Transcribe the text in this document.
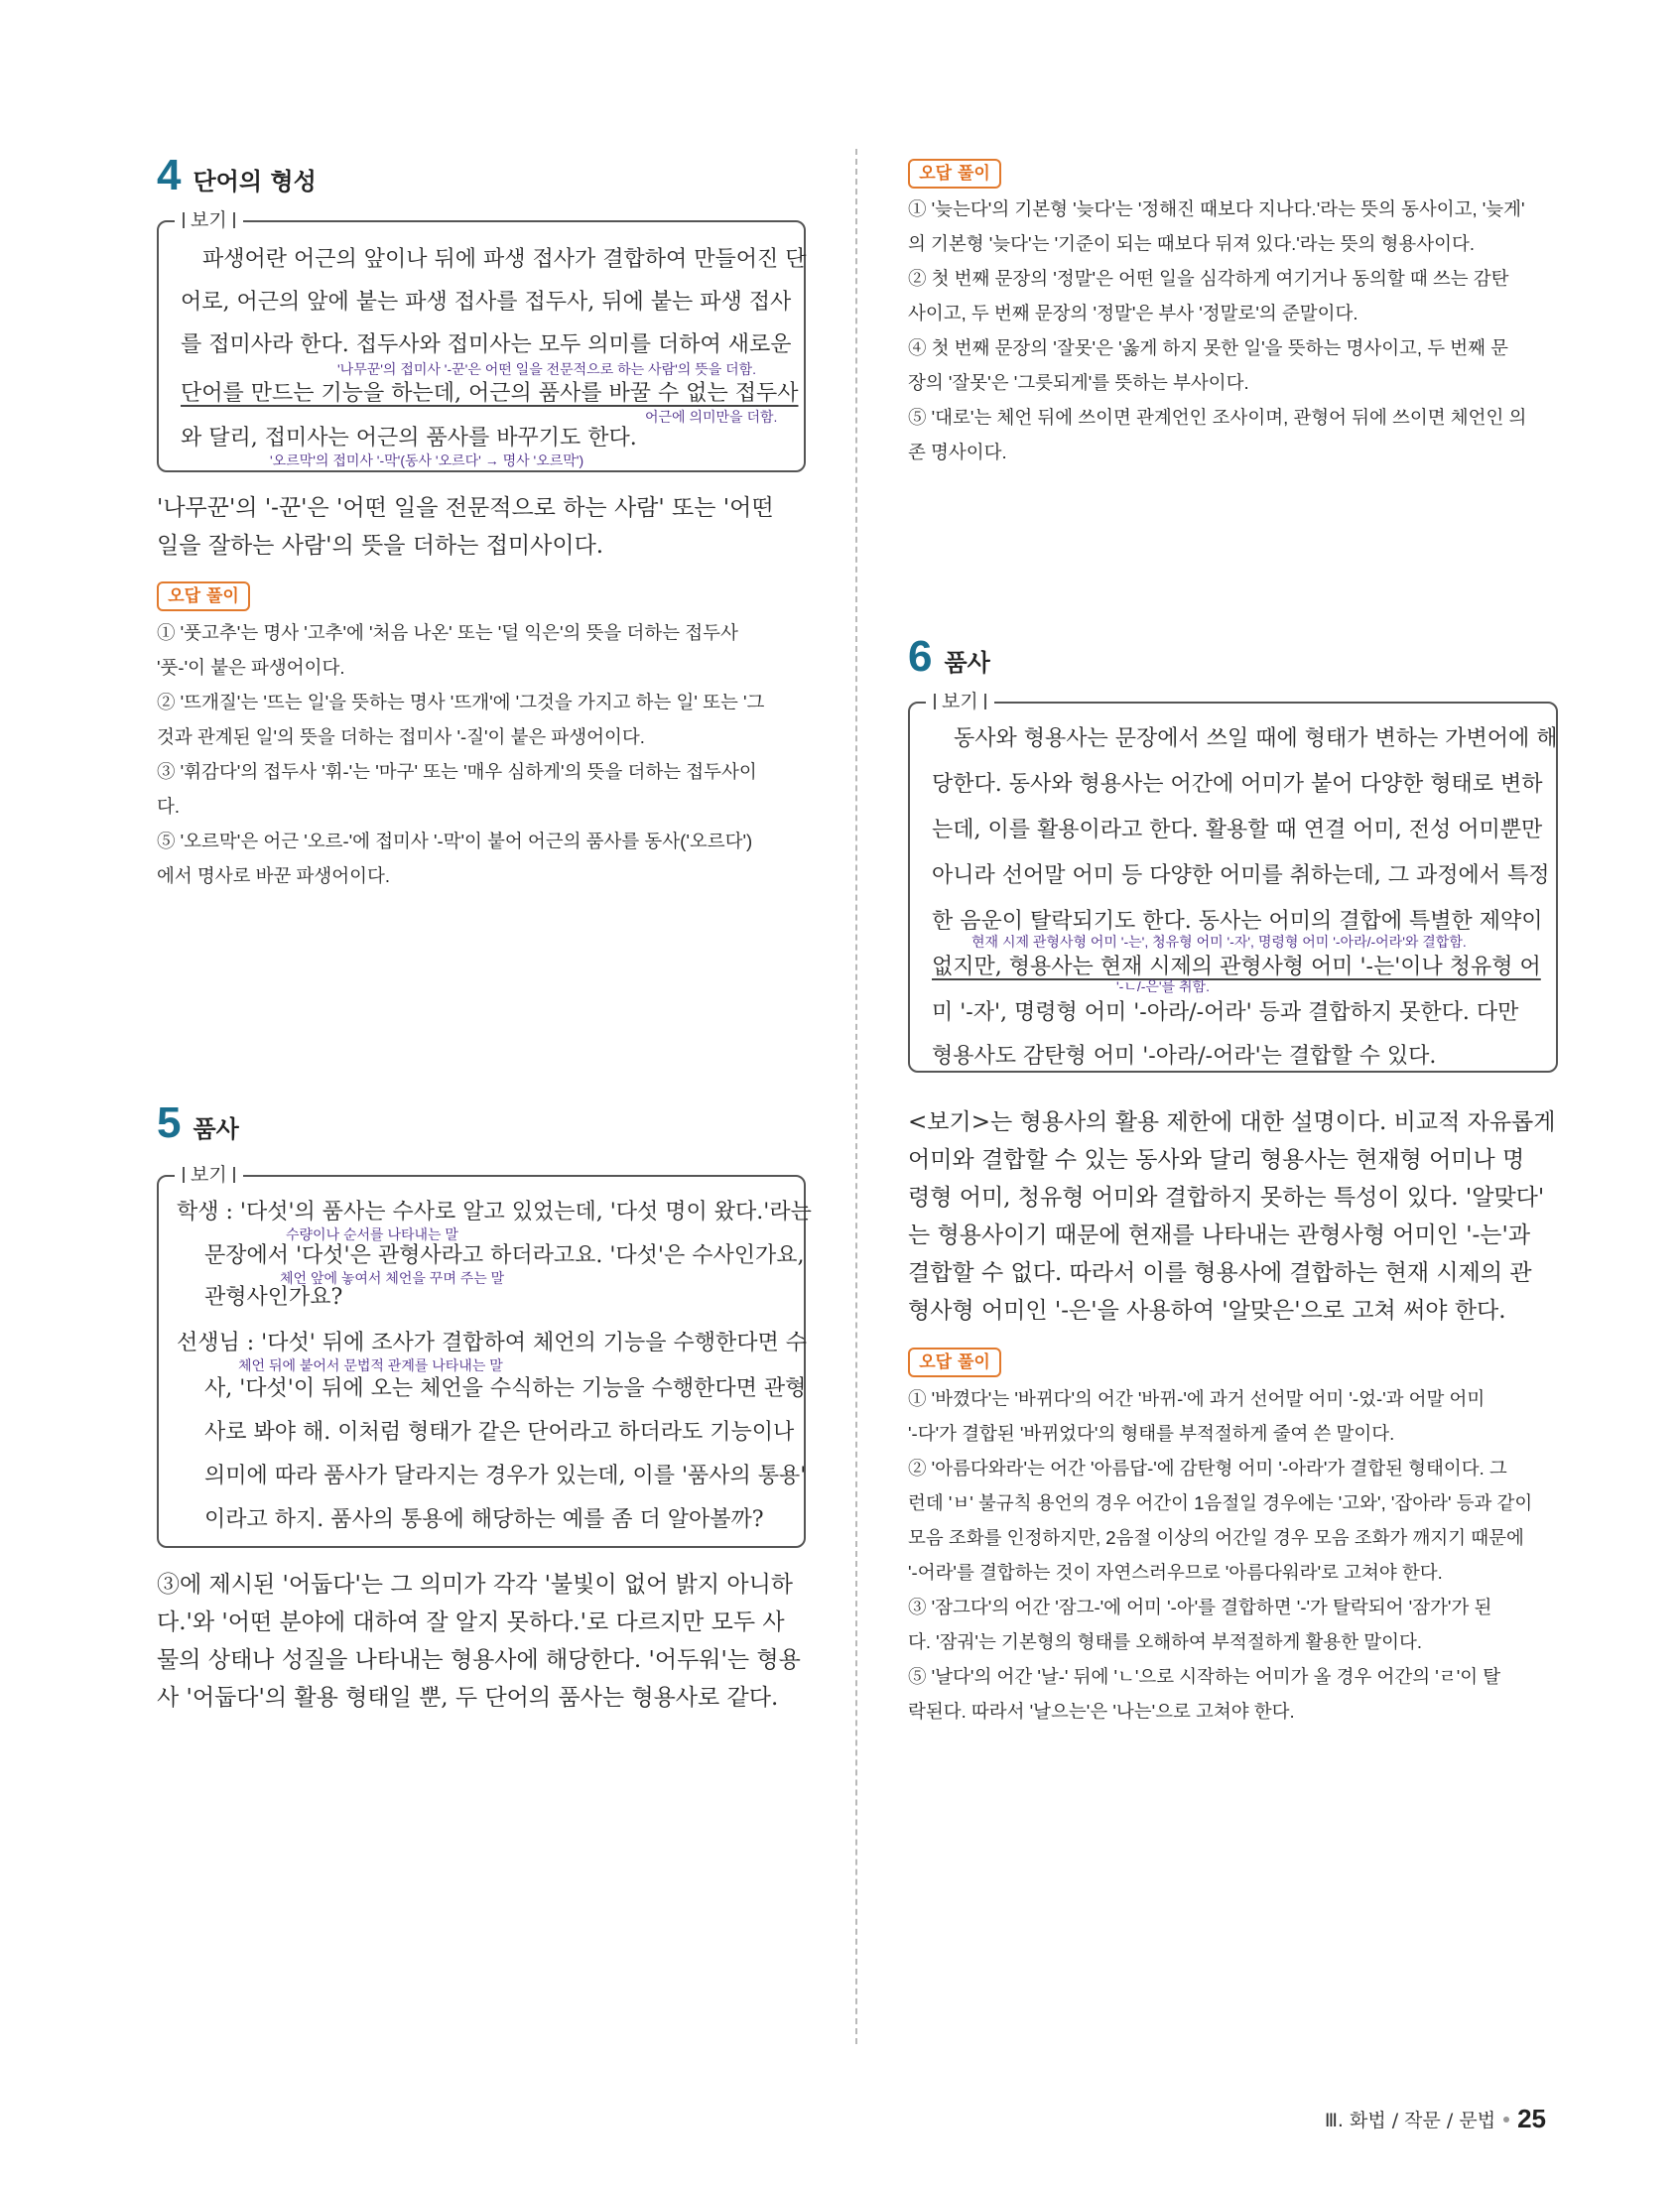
4 단어의 형성
보기
파생어란 어근의 앞이나 뒤에 파생 접사가 결합하여 만들어진 단
어로, 어근의 앞에 붙는 파생 접사를 접두사, 뒤에 붙는 파생 접사
를 접미사라 한다. 접두사와 접미사는 모두 의미를 더하여 새로운
단어를 만드는 기능을 하는데, 어근의 품사를 바꿀 수 없는 접두사
와 달리, 접미사는 어근의 품사를 바꾸기도 한다.
'나무꾼'의 접미사 '-꾼'은 어떤 일을 전문적으로 하는 사람'의 뜻을 더함.
어근에 의미만을 더함.
'오르막'의 접미사 '-막'(동사 '오르다' → 명사 '오르막')
'나무꾼'의 '-꾼'은 '어떤 일을 전문적으로 하는 사람' 또는 '어떤
일을 잘하는 사람'의 뜻을 더하는 접미사이다.
오답 풀이
① '풋고추'는 명사 '고추'에 '처음 나온' 또는 '덜 익은'의 뜻을 더하는 접두사
'풋-'이 붙은 파생어이다.
② '뜨개질'는 '뜨는 일'을 뜻하는 명사 '뜨개'에 '그것을 가지고 하는 일' 또는 '그
것과 관계된 일'의 뜻을 더하는 접미사 '-질'이 붙은 파생어이다.
③ '휘감다'의 접두사 '휘-'는 '마구' 또는 '매우 심하게'의 뜻을 더하는 접두사이
다.
⑤ '오르막'은 어근 '오르-'에 접미사 '-막'이 붙어 어근의 품사를 동사('오르다')
에서 명사로 바꾼 파생어이다.
5 품사
보기
학생 : '다섯'의 품사는 수사로 알고 있었는데, '다섯 명이 왔다.'라는
문장에서 '다섯'은 관형사라고 하더라고요. '다섯'은 수사인가요,
관형사인가요?
선생님 : '다섯' 뒤에 조사가 결합하여 체언의 기능을 수행한다면 수
사, '다섯'이 뒤에 오는 체언을 수식하는 기능을 수행한다면 관형
사로 봐야 해. 이처럼 형태가 같은 단어라고 하더라도 기능이나
의미에 따라 품사가 달라지는 경우가 있는데, 이를 '품사의 통용'
이라고 하지. 품사의 통용에 해당하는 예를 좀 더 알아볼까?
수량이나 순서를 나타내는 말
체언 앞에 놓여서 체언을 꾸며 주는 말
체언 뒤에 붙어서 문법적 관계를 나타내는 말
③에 제시된 '어둡다'는 그 의미가 각각 '불빛이 없어 밝지 아니하
다.'와 '어떤 분야에 대하여 잘 알지 못하다.'로 다르지만 모두 사
물의 상태나 성질을 나타내는 형용사에 해당한다. '어두워'는 형용
사 '어둡다'의 활용 형태일 뿐, 두 단어의 품사는 형용사로 같다.
오답 풀이
① '늦는다'의 기본형 '늦다'는 '정해진 때보다 지나다.'라는 뜻의 동사이고, '늦게'
의 기본형 '늦다'는 '기준이 되는 때보다 뒤져 있다.'라는 뜻의 형용사이다.
② 첫 번째 문장의 '정말'은 어떤 일을 심각하게 여기거나 동의할 때 쓰는 감탄
사이고, 두 번째 문장의 '정말'은 부사 '정말로'의 준말이다.
④ 첫 번째 문장의 '잘못'은 '옳게 하지 못한 일'을 뜻하는 명사이고, 두 번째 문
장의 '잘못'은 '그릇되게'를 뜻하는 부사이다.
⑤ '대로'는 체언 뒤에 쓰이면 관계언인 조사이며, 관형어 뒤에 쓰이면 체언인 의
존 명사이다.
6 품사
보기
동사와 형용사는 문장에서 쓰일 때에 형태가 변하는 가변어에 해
당한다. 동사와 형용사는 어간에 어미가 붙어 다양한 형태로 변하
는데, 이를 활용이라고 한다. 활용할 때 연결 어미, 전성 어미뿐만
아니라 선어말 어미 등 다양한 어미를 취하는데, 그 과정에서 특정
한 음운이 탈락되기도 한다. 동사는 어미의 결합에 특별한 제약이
없지만, 형용사는 현재 시제의 관형사형 어미 '-는'이나 청유형 어
미 '-자', 명령형 어미 '-아라/-어라' 등과 결합하지 못한다. 다만
형용사도 감탄형 어미 '-아라/-어라'는 결합할 수 있다.
현재 시제 관형사형 어미 '-는', 청유형 어미 '-자', 명령형 어미 '-아라/-어라'와 결합함.
'-ㄴ/-은'를 취함.
<보기>는 형용사의 활용 제한에 대한 설명이다. 비교적 자유롭게
어미와 결합할 수 있는 동사와 달리 형용사는 현재형 어미나 명
령형 어미, 청유형 어미와 결합하지 못하는 특성이 있다. '알맞다'
는 형용사이기 때문에 현재를 나타내는 관형사형 어미인 '-는'과
결합할 수 없다. 따라서 이를 형용사에 결합하는 현재 시제의 관
형사형 어미인 '-은'을 사용하여 '알맞은'으로 고쳐 써야 한다.
오답 풀이
① '바꼈다'는 '바뀌다'의 어간 '바뀌-'에 과거 선어말 어미 '-었-'과 어말 어미
'-다'가 결합된 '바뀌었다'의 형태를 부적절하게 줄여 쓴 말이다.
② '아름다와라'는 어간 '아름답-'에 감탄형 어미 '-아라'가 결합된 형태이다. 그
런데 'ㅂ' 불규칙 용언의 경우 어간이 1음절일 경우에는 '고와', '잡아라' 등과 같이
모음 조화를 인정하지만, 2음절 이상의 어간일 경우 모음 조화가 깨지기 때문에
'-어라'를 결합하는 것이 자연스러우므로 '아름다워라'로 고쳐야 한다.
③ '잠그다'의 어간 '잠그-'에 어미 '-아'를 결합하면 '-'가 탈락되어 '잠가'가 된
다. '잠궈'는 기본형의 형태를 오해하여 부적절하게 활용한 말이다.
⑤ '날다'의 어간 '날-' 뒤에 'ㄴ'으로 시작하는 어미가 올 경우 어간의 'ㄹ'이 탈
락된다. 따라서 '날으는'은 '나는'으로 고쳐야 한다.
Ⅲ. 화법 / 작문 / 문법 25
